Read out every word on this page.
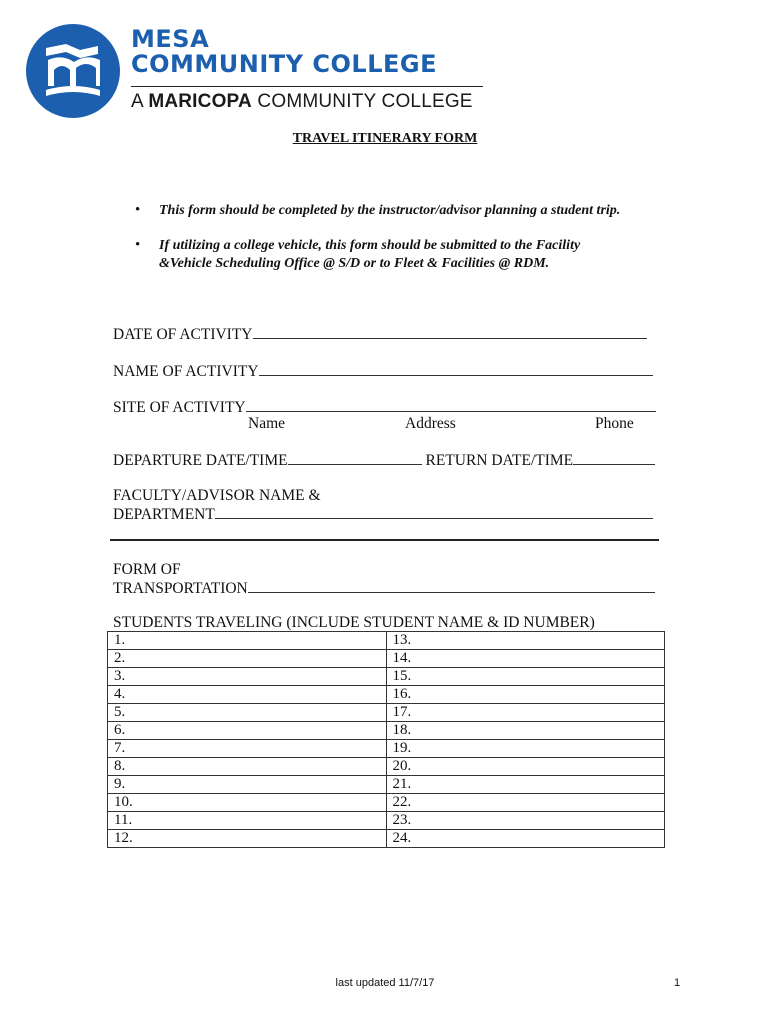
MESA
COMMUNITY COLLEGE
A MARICOPA COMMUNITY COLLEGE
TRAVEL ITINERARY FORM
• This form should be completed by the instructor/advisor planning a student trip.
• If utilizing a college vehicle, this form should be submitted to the Facility &Vehicle Scheduling Office @ S/D or to Fleet & Facilities @ RDM.
DATE OF ACTIVITY
NAME OF ACTIVITY
SITE OF ACTIVITY
Name	Address	Phone
DEPARTURE DATE/TIME	RETURN DATE/TIME
FACULTY/ADVISOR NAME &
DEPARTMENT
FORM OF
TRANSPORTATION
STUDENTS TRAVELING (INCLUDE STUDENT NAME & ID NUMBER)
1.	13.
2.	14.
3.	15.
4.	16.
5.	17.
6.	18.
7.	19.
8.	20.
9.	21.
10.	22.
11.	23.
12.	24.
last updated 11/7/17	1
